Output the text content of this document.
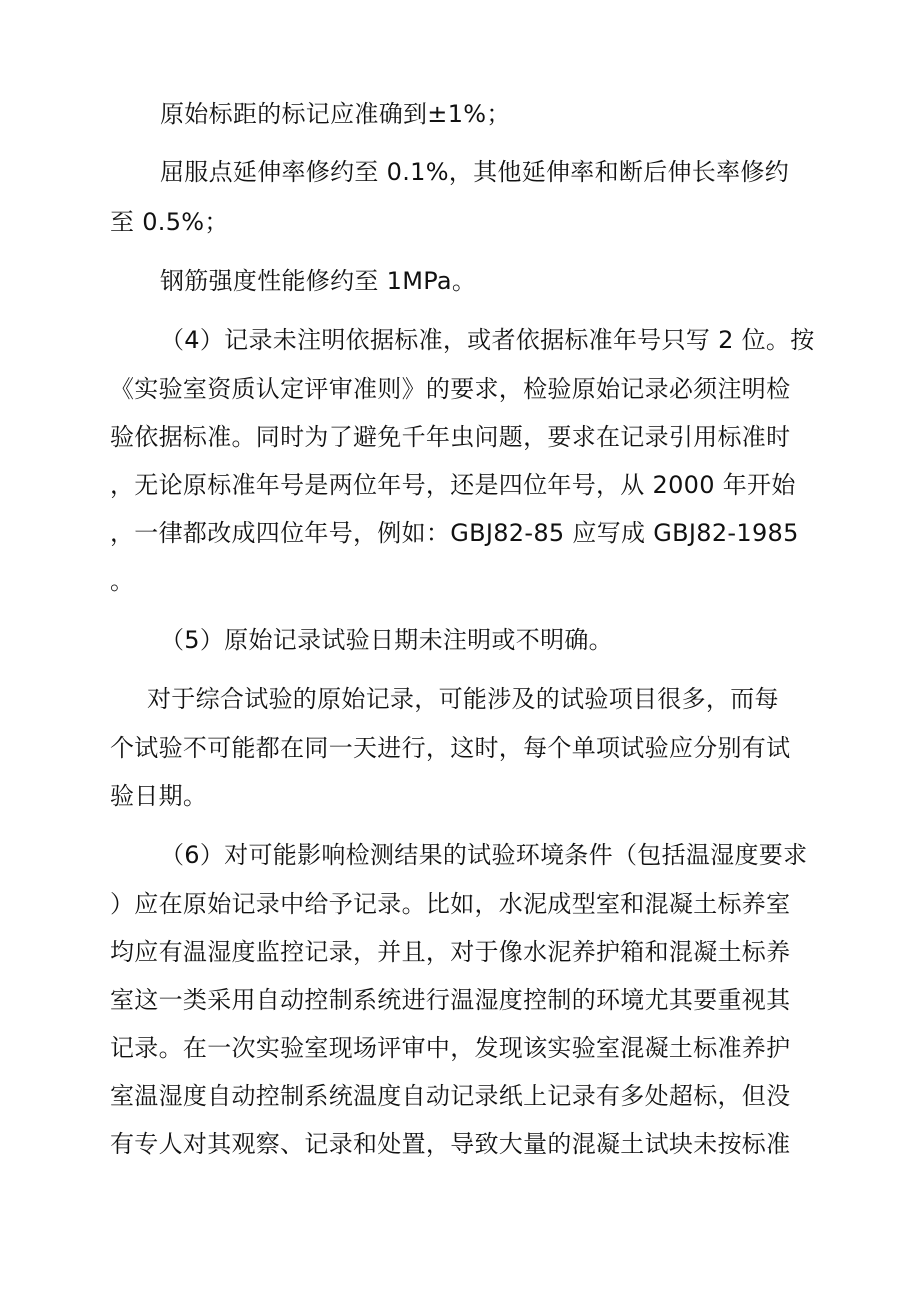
原始标距的标记应准确到±1%；
屈服点延伸率修约至 0.1%，其他延伸率和断后伸长率修约
至 0.5%；
钢筋强度性能修约至 1MPa。
（4）记录未注明依据标准，或者依据标准年号只写 2 位。按
《实验室资质认定评审准则》的要求，检验原始记录必须注明检
验依据标准。同时为了避免千年虫问题，要求在记录引用标准时
，无论原标准年号是两位年号，还是四位年号，从 2000 年开始
，一律都改成四位年号，例如：GBJ82-85 应写成 GBJ82-1985
。
（5）原始记录试验日期未注明或不明确。
对于综合试验的原始记录，可能涉及的试验项目很多，而每
个试验不可能都在同一天进行，这时，每个单项试验应分别有试
验日期。
（6）对可能影响检测结果的试验环境条件（包括温湿度要求
）应在原始记录中给予记录。比如，水泥成型室和混凝土标养室
均应有温湿度监控记录，并且，对于像水泥养护箱和混凝土标养
室这一类采用自动控制系统进行温湿度控制的环境尤其要重视其
记录。在一次实验室现场评审中，发现该实验室混凝土标准养护
室温湿度自动控制系统温度自动记录纸上记录有多处超标，但没
有专人对其观察、记录和处置，导致大量的混凝土试块未按标准
